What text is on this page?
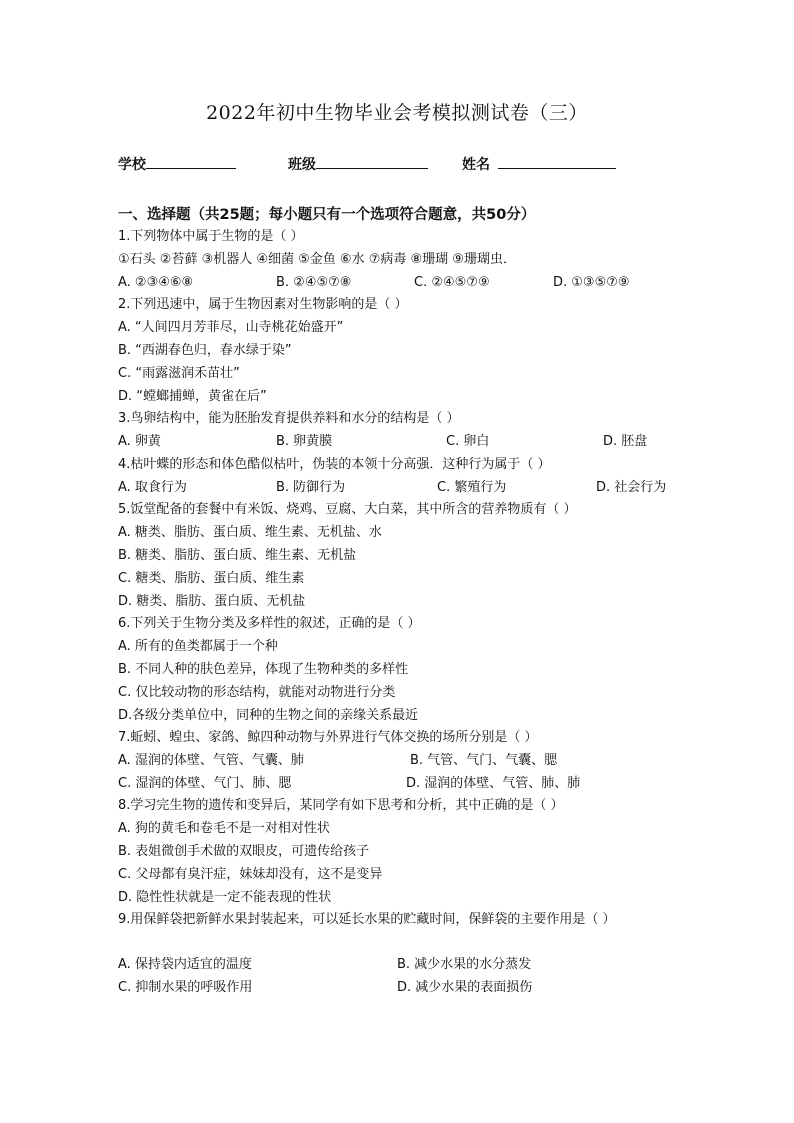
2022年初中生物毕业会考模拟测试卷（三）
学校	班级	姓名
一、选择题（共25题；每小题只有一个选项符合题意，共50分）
1.下列物体中属于生物的是（ ）
①石头 ②苔藓 ③机器人 ④细菌 ⑤金鱼 ⑥水 ⑦病毒 ⑧珊瑚 ⑨珊瑚虫．
A. ②③④⑥⑧	B. ②④⑤⑦⑧	C. ②④⑤⑦⑨	D. ①③⑤⑦⑨
2.下列迅速中，属于生物因素对生物影响的是（ ）
A. “人间四月芳菲尽，山寺桃花始盛开”
B. “西湖春色归，春水绿于染”
C. “雨露滋润禾苗壮”
D. “螳螂捕蝉，黄雀在后”
3.鸟卵结构中，能为胚胎发育提供养料和水分的结构是（ ）
A. 卵黄	B. 卵黄膜	C. 卵白	D. 胚盘
4.枯叶蝶的形态和体色酷似枯叶，伪装的本领十分高强．这种行为属于（ ）
A. 取食行为	B. 防御行为	C. 繁殖行为	D. 社会行为
5.饭堂配备的套餐中有米饭、烧鸡、豆腐、大白菜，其中所含的营养物质有（ ）
A. 糖类、脂肪、蛋白质、维生素、无机盐、水
B. 糖类、脂肪、蛋白质、维生素、无机盐
C. 糖类、脂肪、蛋白质、维生素
D. 糖类、脂肪、蛋白质、无机盐
6.下列关于生物分类及多样性的叙述，正确的是（ ）
A. 所有的鱼类都属于一个种
B. 不同人种的肤色差异，体现了生物种类的多样性
C. 仅比较动物的形态结构，就能对动物进行分类
D.各级分类单位中，同种的生物之间的亲缘关系最近
7.蚯蚓、蝗虫、家鸽、鲸四种动物与外界进行气体交换的场所分别是（ ）
A. 湿润的体壁、气管、气囊、肺	B. 气管、气门、气囊、腮
C. 湿润的体壁、气门、肺、腮	D. 湿润的体壁、气管、肺、肺
8.学习完生物的遗传和变异后，某同学有如下思考和分析，其中正确的是（ ）
A. 狗的黄毛和卷毛不是一对相对性状
B. 表姐微创手术做的双眼皮，可遗传给孩子
C. 父母都有臭汗症，妹妹却没有，这不是变异
D. 隐性性状就是一定不能表现的性状
9.用保鲜袋把新鲜水果封装起来，可以延长水果的贮藏时间，保鲜袋的主要作用是（ ）
A. 保持袋内适宜的温度	B. 减少水果的水分蒸发
C. 抑制水果的呼吸作用	D. 减少水果的表面损伤
